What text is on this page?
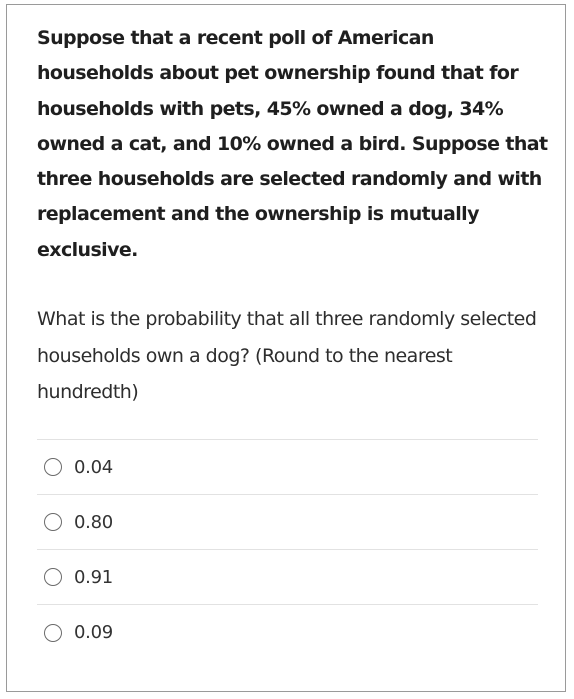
Suppose that a recent poll of American households about pet ownership found that for households with pets, 45% owned a dog, 34% owned a cat, and 10% owned a bird. Suppose that three households are selected randomly and with replacement and the ownership is mutually exclusive.

What is the probability that all three randomly selected households own a dog? (Round to the nearest hundredth)

0.04
0.80
0.91
0.09
